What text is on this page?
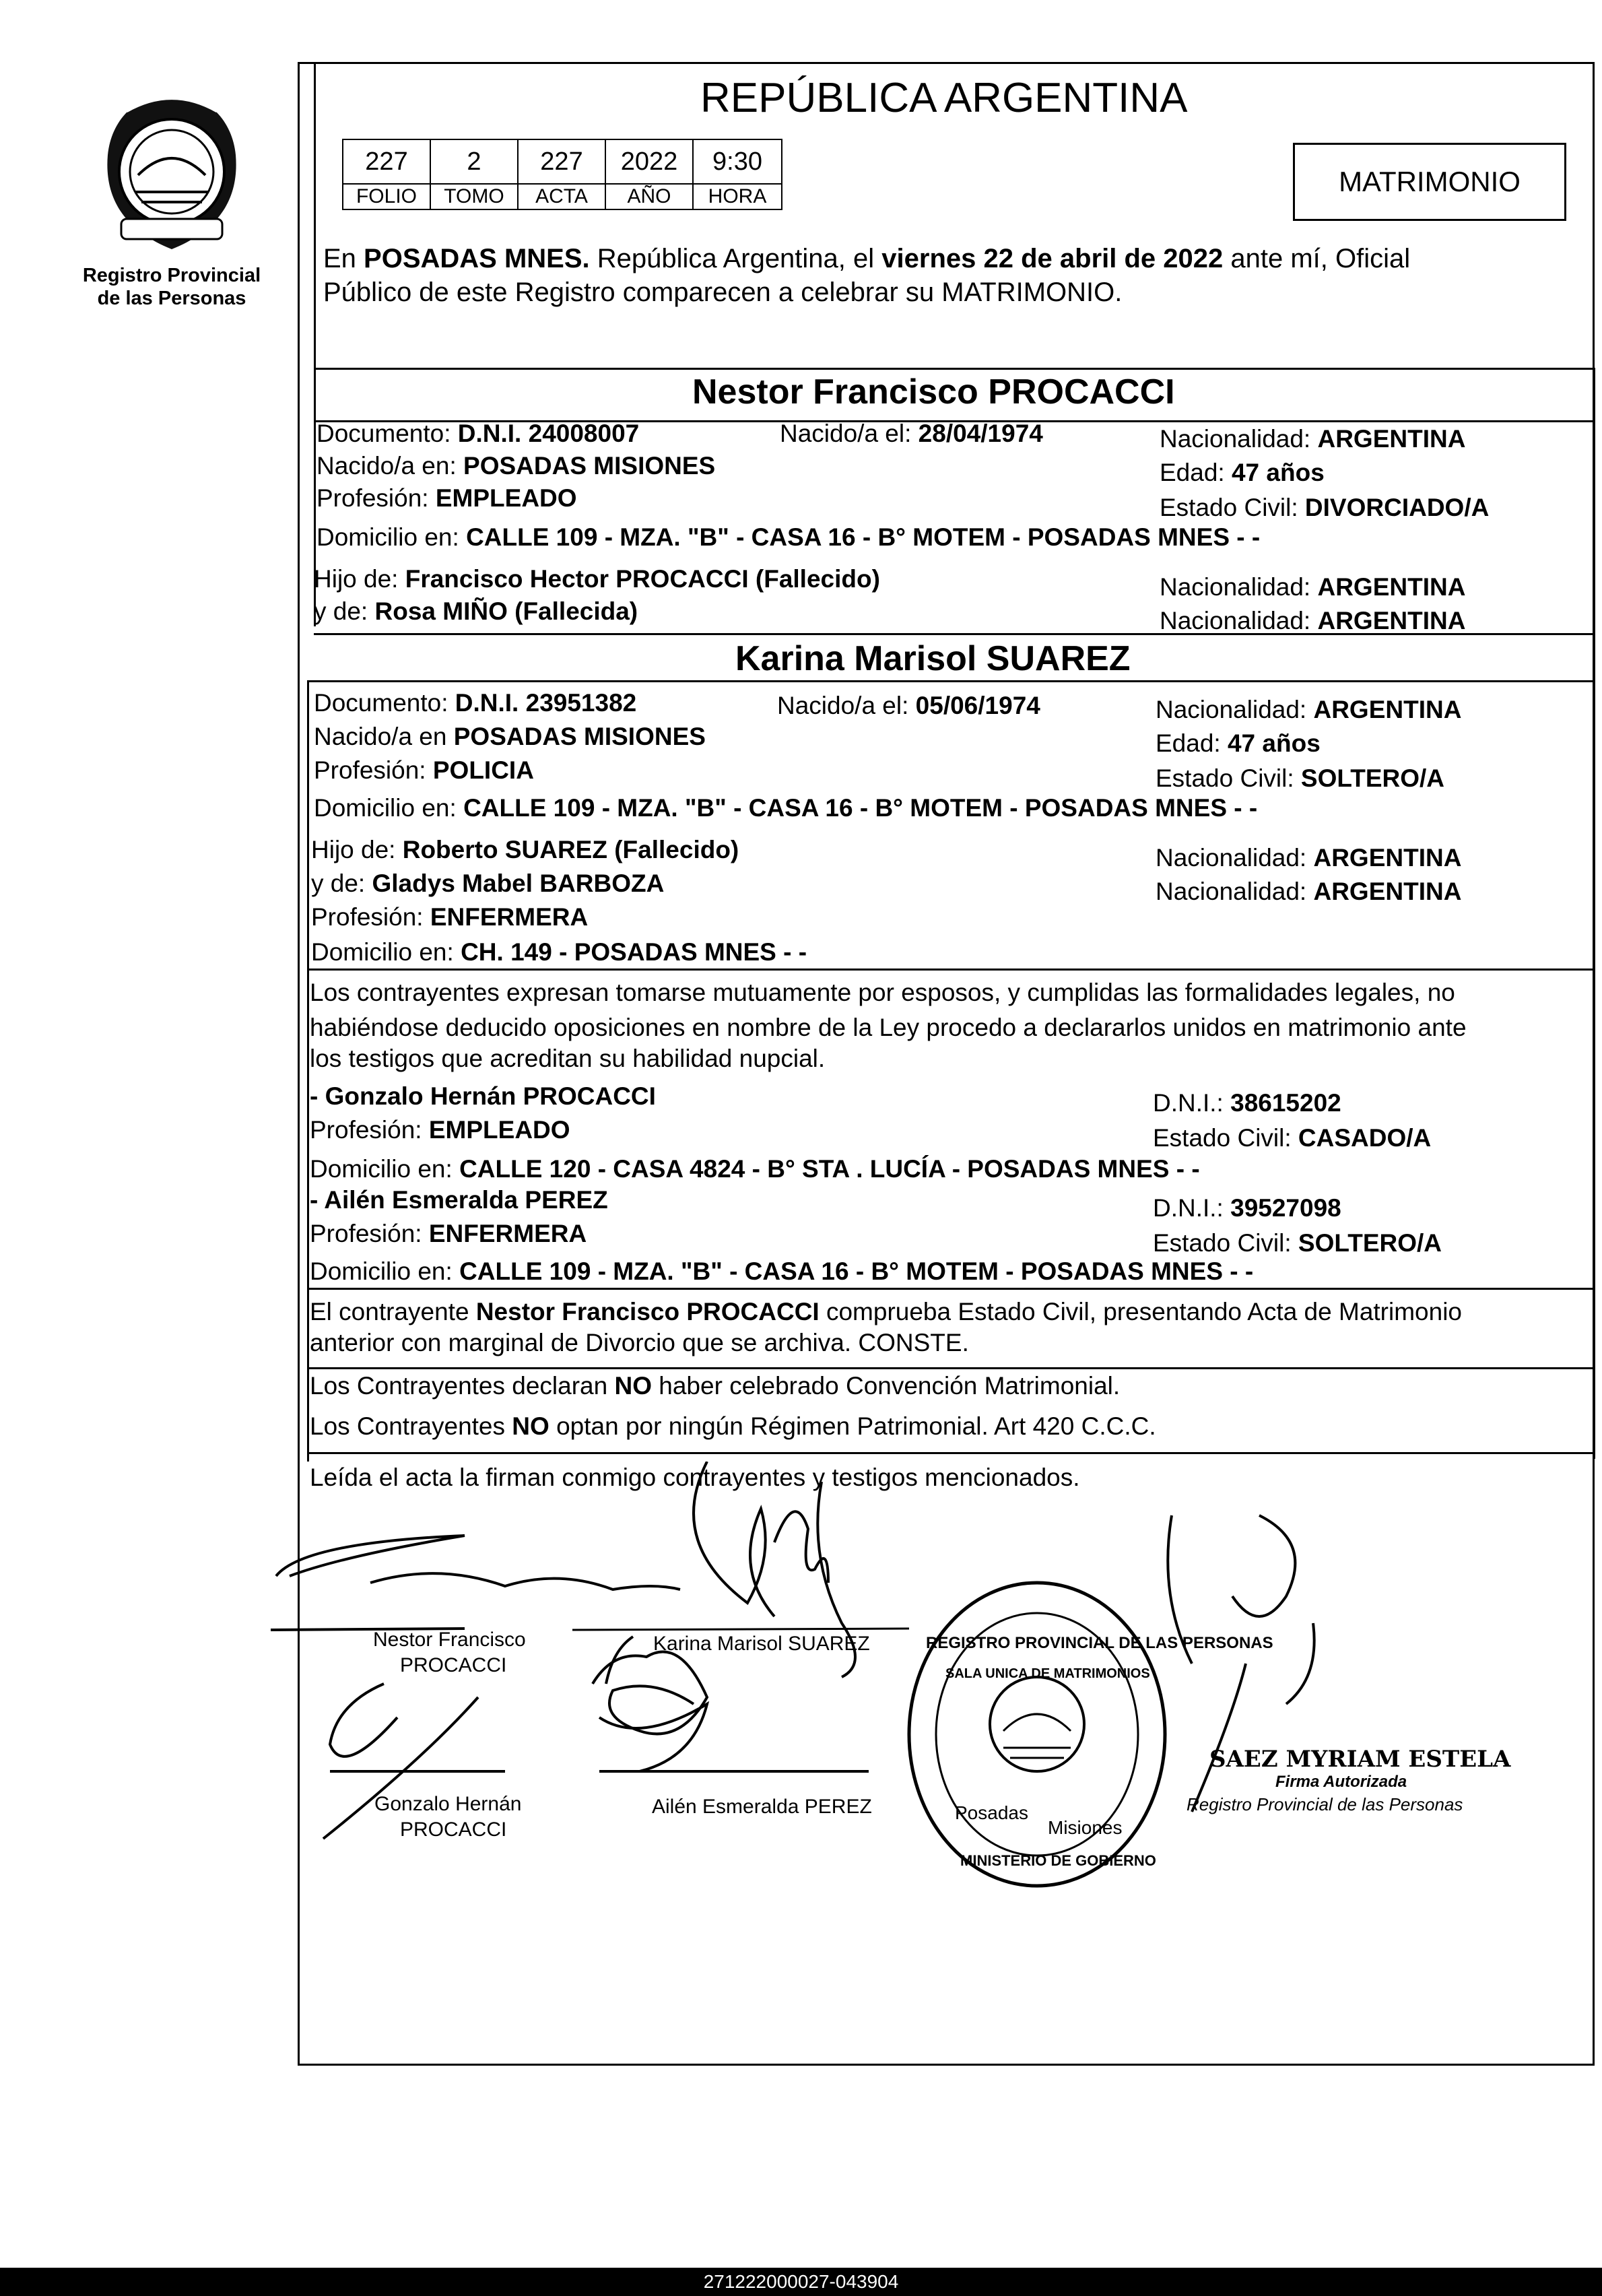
Registro Provincial
de las Personas
REPÚBLICA ARGENTINA
227	2	227	2022	9:30
FOLIO	TOMO	ACTA	AÑO	HORA	MATRIMONIO
En POSADAS MNES. República Argentina, el viernes 22 de abril de 2022 ante mí, Oficial
Público de este Registro comparecen a celebrar su MATRIMONIO.
Nestor Francisco PROCACCI
Documento: D.N.I. 24008007	Nacido/a el: 28/04/1974	Nacionalidad: ARGENTINA
Nacido/a en: POSADAS MISIONES	Edad: 47 años
Profesión: EMPLEADO	Estado Civil: DIVORCIADO/A
Domicilio en: CALLE 109 - MZA. "B" - CASA 16 - B° MOTEM - POSADAS MNES - -
Hijo de: Francisco Hector PROCACCI (Fallecido)	Nacionalidad: ARGENTINA
y de: Rosa MIÑO (Fallecida)	Nacionalidad: ARGENTINA
Karina Marisol SUAREZ
Documento: D.N.I. 23951382	Nacido/a el: 05/06/1974	Nacionalidad: ARGENTINA
Nacido/a en POSADAS MISIONES	Edad: 47 años
Profesión: POLICIA	Estado Civil: SOLTERO/A
Domicilio en: CALLE 109 - MZA. "B" - CASA 16 - B° MOTEM - POSADAS MNES - -
Hijo de: Roberto SUAREZ (Fallecido)	Nacionalidad: ARGENTINA
y de: Gladys Mabel BARBOZA	Nacionalidad: ARGENTINA
Profesión: ENFERMERA
Domicilio en: CH. 149 - POSADAS MNES - -
Los contrayentes expresan tomarse mutuamente por esposos, y cumplidas las formalidades legales, no
habiéndose deducido oposiciones en nombre de la Ley procedo a declararlos unidos en matrimonio ante
los testigos que acreditan su habilidad nupcial.
- Gonzalo Hernán PROCACCI	D.N.I.: 38615202
Profesión: EMPLEADO	Estado Civil: CASADO/A
Domicilio en: CALLE 120 - CASA 4824 - B° STA . LUCÍA - POSADAS MNES - -
- Ailén Esmeralda PEREZ	D.N.I.: 39527098
Profesión: ENFERMERA	Estado Civil: SOLTERO/A
Domicilio en: CALLE 109 - MZA. "B" - CASA 16 - B° MOTEM - POSADAS MNES - -
El contrayente Nestor Francisco PROCACCI comprueba Estado Civil, presentando Acta de Matrimonio
anterior con marginal de Divorcio que se archiva. CONSTE.
Los Contrayentes declaran NO haber celebrado Convención Matrimonial.
Los Contrayentes NO optan por ningún Régimen Patrimonial. Art 420 C.C.C.
Leída el acta la firman conmigo contrayentes y testigos mencionados.
Nestor Francisco
PROCACCI
Karina Marisol SUAREZ
Gonzalo Hernán
PROCACCI
Ailén Esmeralda PEREZ
REGISTRO PROVINCIAL DE LAS PERSONAS
SALA UNICA DE MATRIMONIOS
Posadas
Misiones
MINISTERIO DE GOBIERNO
SAEZ MYRIAM ESTELA
Firma Autorizada
Registro Provincial de las Personas
271222000027-043904
